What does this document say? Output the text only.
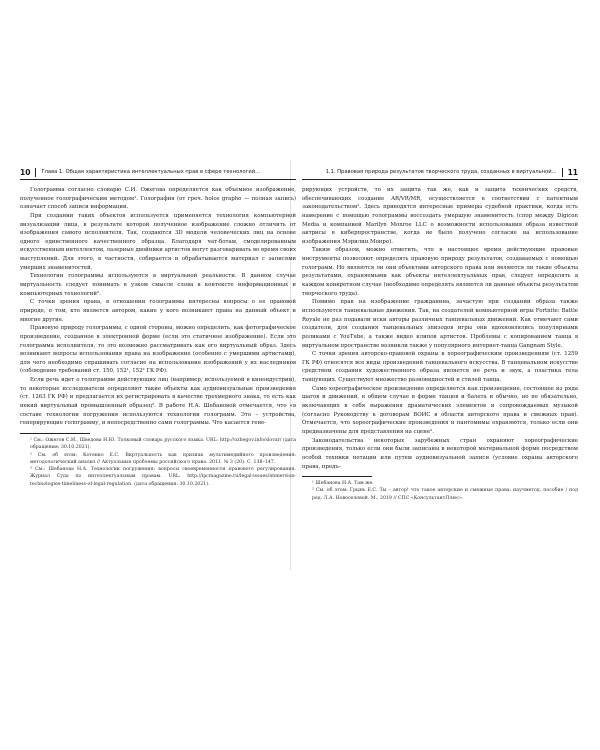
10 Глава 1. Общая характеристика интеллектуальных прав в сфере технологий...

Голограмма согласно словарю С.И. Ожегова определяется как объемное изображение, полученное голографическим методом¹. Голография (от греч. holos grapho — полная запись) означает способ записи информации.

При создании таких объектов используется применяется технология компьютерной визуализации лица, в результате которой полученное изображение сложно отличить от изображения самого исполнителя. Так, создаются 3D модели человеческих лиц на основе одного единственного качественного образца. Благодаря чат-ботам, смоделированным искусственным интеллектом, лазерные двойники артистов могут разговаривать во время своих выступлений. Для этого, в частности, собирается и обрабатывается материал с записями умерших знаменитостей.

Технологии голограммы используются в виртуальной реальности. В данном случае виртуальность следует понимать в узком смысле слова в контексте информационных и компьютерных технологий².

С точки зрения права, в отношении голограммы интересны вопросы о ее правовой природе, о том, кто является автором, какие у кого возникают права на данный объект и многие другие.

Правовую природу голограммы, с одной стороны, можно определить, как фотографическое произведение, созданное в электронной форме (если это статичное изображение). Если это голограмма исполнителя, то это возможно рассматривать как его виртуальный образ. Здесь возникают вопросы использования права на изображение (особенно с умершими артистами), для чего необходимо спрашивать согласие на использование изображений у их наследников (соблюдение требований ст. 150, 152¹, 152² ГК РФ).

Если речь идет о голограмме действующих лиц (например, используемой в кинондустрии), то некоторые исследователи определяют такие объекты как аудиовизуальные произведения (ст. 1263 ГК РФ) и предлагается их регистрировать в качестве трехмерного знака, то есть как некий виртуальный промышленный образец³. В работе Н.А. Шебановой отмечается, что «в составе технологии погружения используются технологии голограмм. Это – устройства, генерирующие голограмму, и непосредственно сами голограммы. Что касается гене-

¹ См.: Ожегов С.И., Шведова Н.Ю. Толковый словарь русского языка. URL: http://ozhegov.info/slovar/ (дата обращения: 30.10.2021).

² См. об этом: Котенко Е.С. Виртуальность как признак мультимедийного произведения: методологический анализ // Актуальные проблемы российского права. 2011. № 3 (20). С. 138–147.

³ См.: Шебанова Н.А. Технологии погружения: вопросы своевременности правового регулирования. Журнал Суда по интеллектуальным правам. URL: http://ipcmagazine.ru/legal-issues/immersion-technologies-timeliness-of-legal-regulation. (дата обращения: 30.10.2021).

1.1. Правовая природа результатов творческого труда, созданных в виртуальной... 11

рирующих устройств, то их защита так же, как и защита технических средств, обеспечивающих создание AR/VR/MR, осуществляется в соответствии с патентным законодательством¹. Здесь приводятся интересные примеры судебной практики, когда есть намерение с помощью голограммы воссоздать умершую знаменитость (спор между Digicon Media и компанией Marilyn Monroe LLC о возможности использования образа известной актрисы в киберпространстве, когда не было получено согласие на использование изображения Мэрилин Монро).

Таким образом, можно отметить, что в настоящее время действующие правовые инструменты позволяют определять правовую природу результатов, создаваемых с помощью голограмм. Но являются ли они объектами авторского права или являются ли такие объекты результатами, охраняемыми как объекты интеллектуальных прав, следует определять в каждом конкретном случае (необходимо определять являются ли данные объекты результатом творческого труда).

Помимо прав на изображение гражданина, зачастую при создании образа также используются танцевальные движения. Так, на создателей компьютерной игры Fortnite: Battle Royale не раз подавали иски авторы различных танцевальных движений. Как отмечают сами создатели, для создания танцевальных эпизодов игры они вдохновлялись популярными роликами с YouTube, а также видео клипов артистов. Проблемы с копированием танца в виртуальном пространстве возникли также у популярного интернет-танца Gangnam Style.

С точки зрения авторско-правовой охраны к хореографическим произведениям (ст. 1259 ГК РФ) относятся все виды произведений танцевального искусства. В танцевальном искусстве средством создания художественного образа является не речь и звук, а пластика тела танцующих. Существуют множество разновидностей и стилей танца.

Само хореографическое произведение определяется как произведение, состоящее из ряда шагов и движений, в общем случае в форме танцев и балета и обычно, но не обязательно, включающих в себя выражения драматических элементов и сопровождаемых музыкой (согласно Руководству к договорам ВОИС в области авторского права и смежных прав). Отмечается, что хореографические произведения и пантомимы охраняются, только если они предназначены для представления на сцене².

Законодательства некоторых зарубежных стран охраняют хореографические произведения, только если они были записаны в некоторой материальной форме посредством особой техники нотации или путем аудиовизуальной записи (условие охраны авторского права, предъ-

¹ Шебанова Н.А. Там же.

² См. об этом: Грынь Е.С. Ты – автор! что такое авторские и смежные права: научметод. пособие / под ред. Л.А. Новоселовой. М., 2019 // СПС «КонсультантПлюс».
